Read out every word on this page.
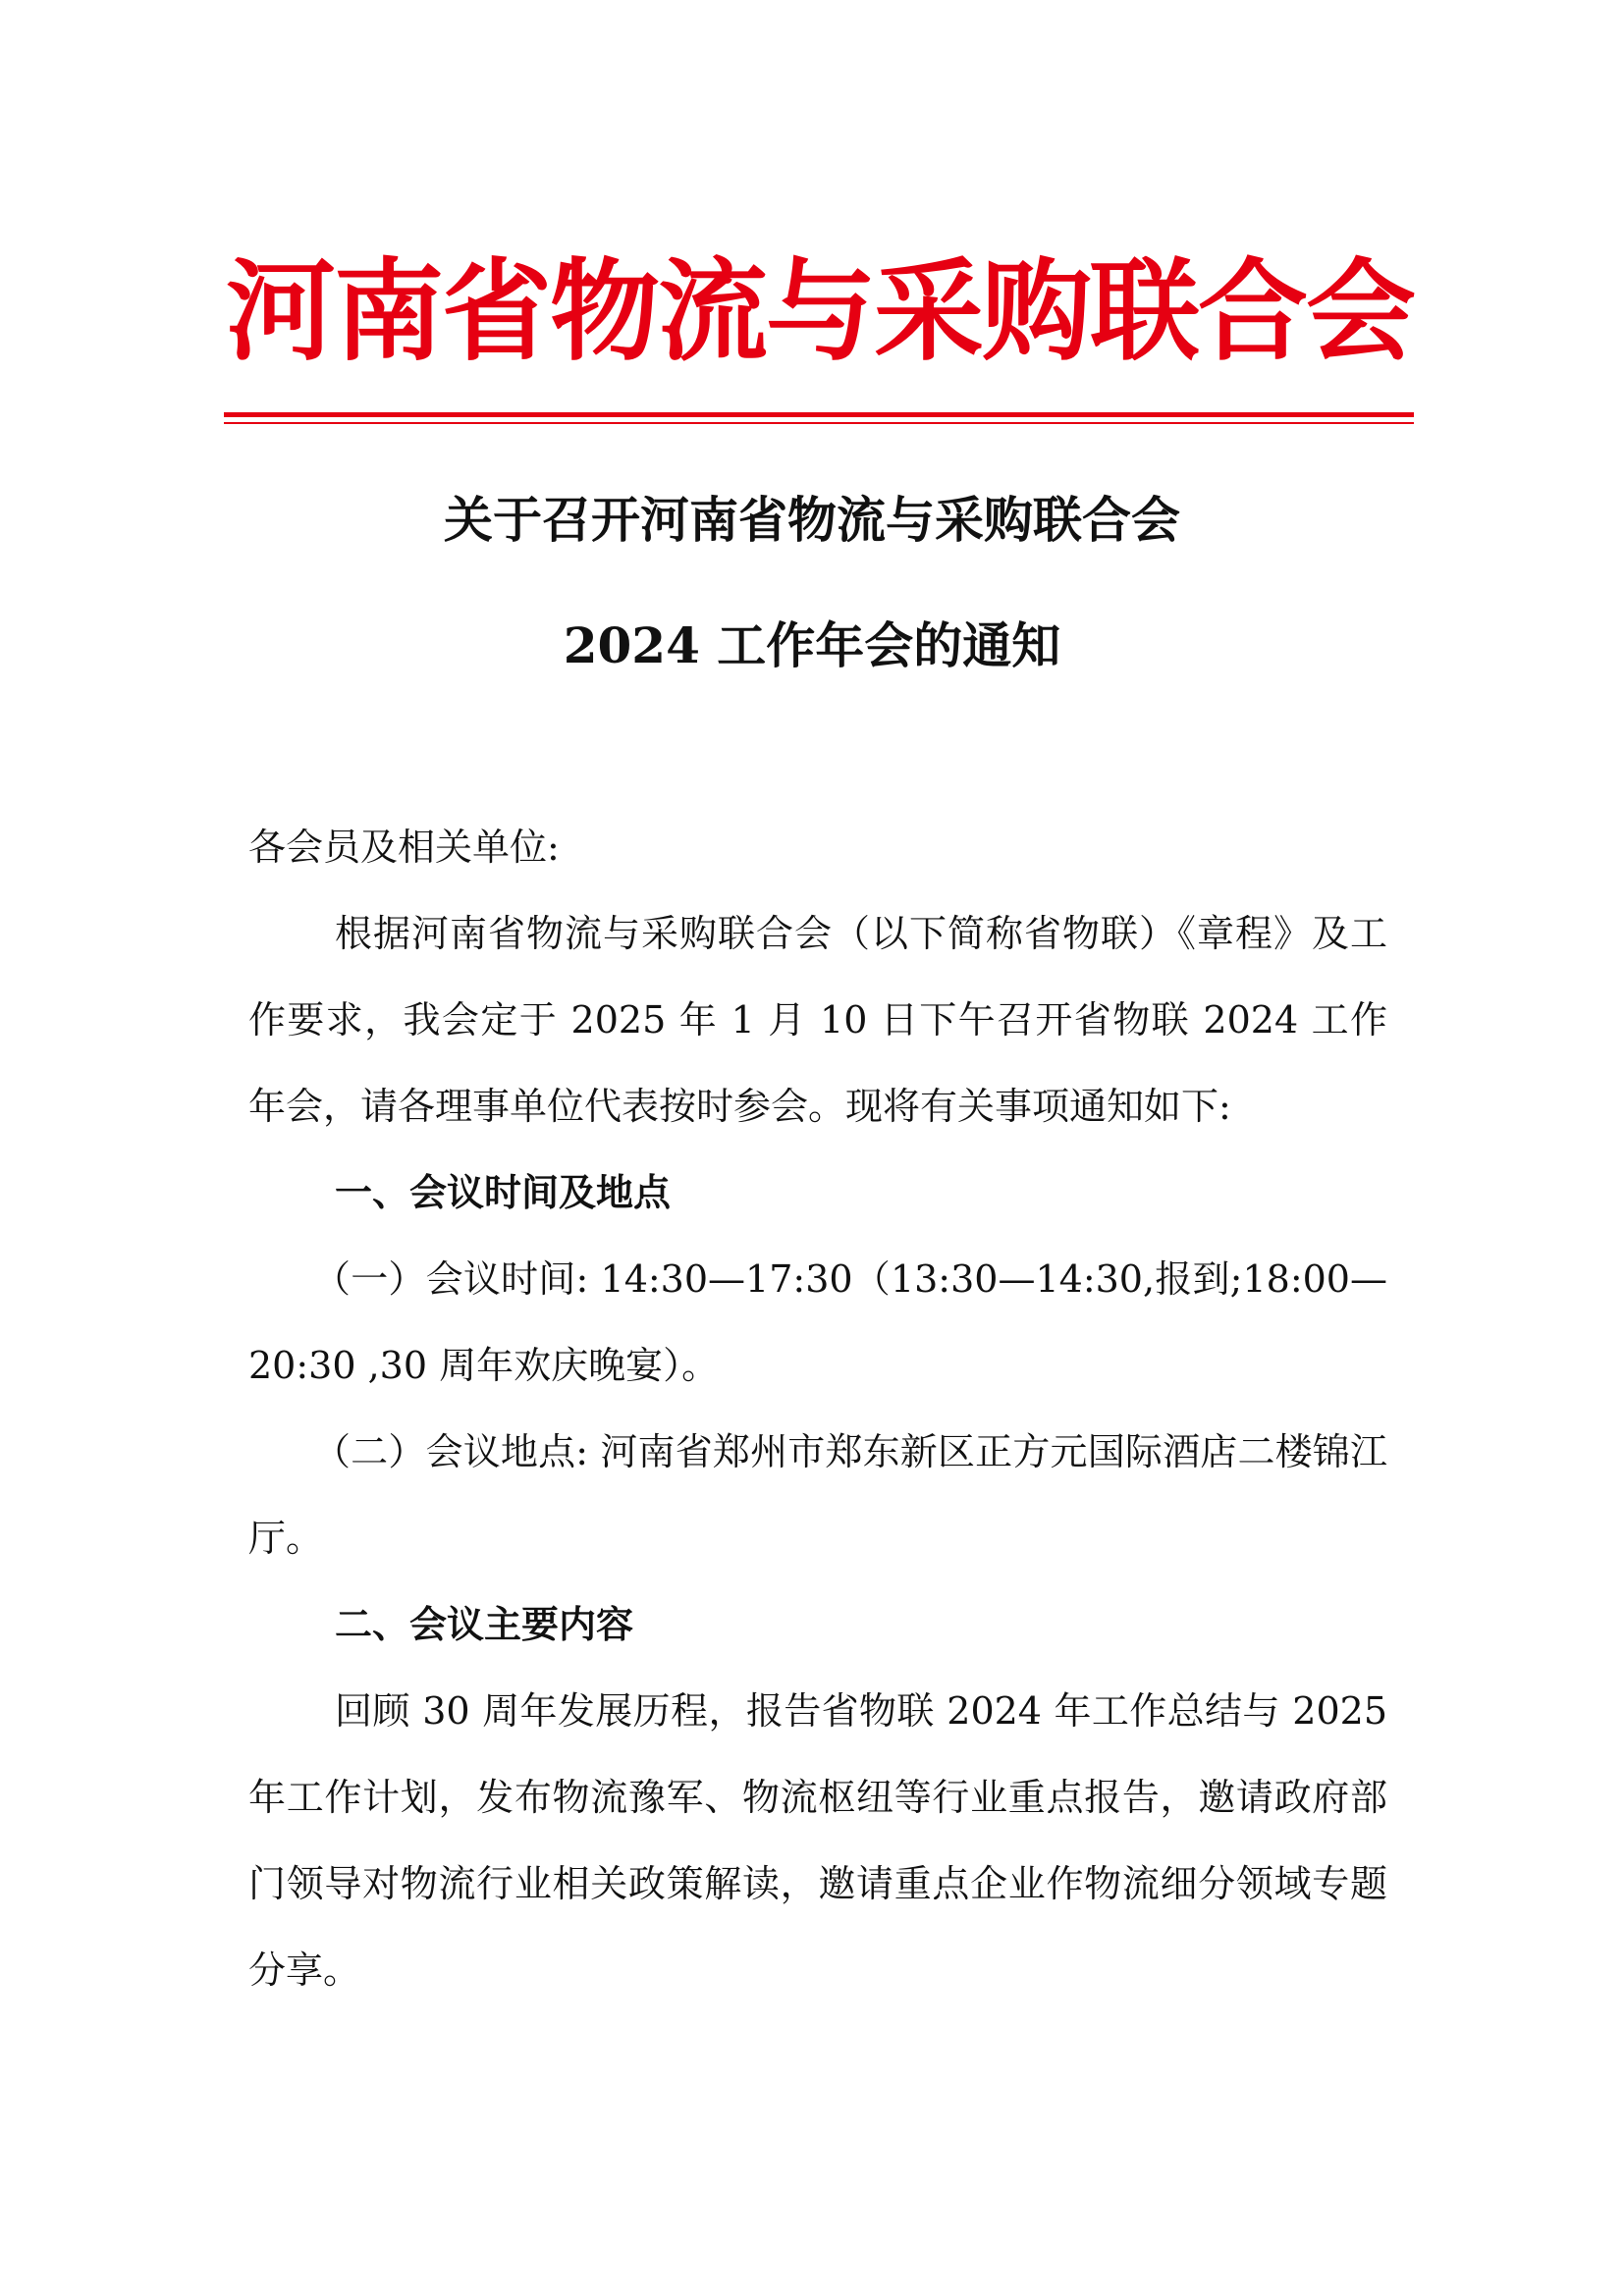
河南省物流与采购联合会
关于召开河南省物流与采购联合会
2024 工作年会的通知

各会员及相关单位:

根据河南省物流与采购联合会（以下简称省物联）《章程》及工作要求，我会定于 2025 年 1 月 10 日下午召开省物联 2024 工作年会，请各理事单位代表按时参会。现将有关事项通知如下:

一、会议时间及地点

（一）会议时间: 14:30—17:30（13:30—14:30,报到;18:00—20:30 ,30 周年欢庆晚宴）。

（二）会议地点: 河南省郑州市郑东新区正方元国际酒店二楼锦江厅。

二、会议主要内容

回顾 30 周年发展历程，报告省物联 2024 年工作总结与 2025 年工作计划，发布物流豫军、物流枢纽等行业重点报告，邀请政府部门领导对物流行业相关政策解读，邀请重点企业作物流细分领域专题分享。
